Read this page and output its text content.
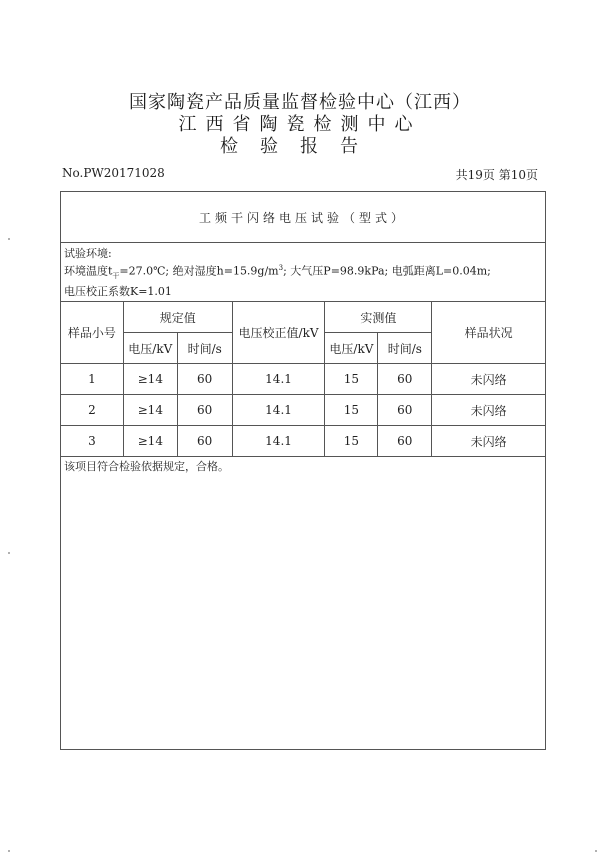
国家陶瓷产品质量监督检验中心（江西）
江西省陶瓷检测中心
检验报告
No.PW20171028	共19页 第10页
工频干闪络电压试验（型式）
试验环境:
环境温度$t_干=27.0℃$; 绝对湿度$h=15.9g/m^3$; 大气压P=98.9kPa; 电弧距离L=0.04m;
电压校正系数K=1.01
样品小号	规定值		电压校正值/kV	实测值		样品状况
	电压/kV	时间/s		电压/kV	时间/s	
1	≥14	60	14.1	15	60	未闪络
2	≥14	60	14.1	15	60	未闪络
3	≥14	60	14.1	15	60	未闪络
该项目符合检验依据规定，合格。
